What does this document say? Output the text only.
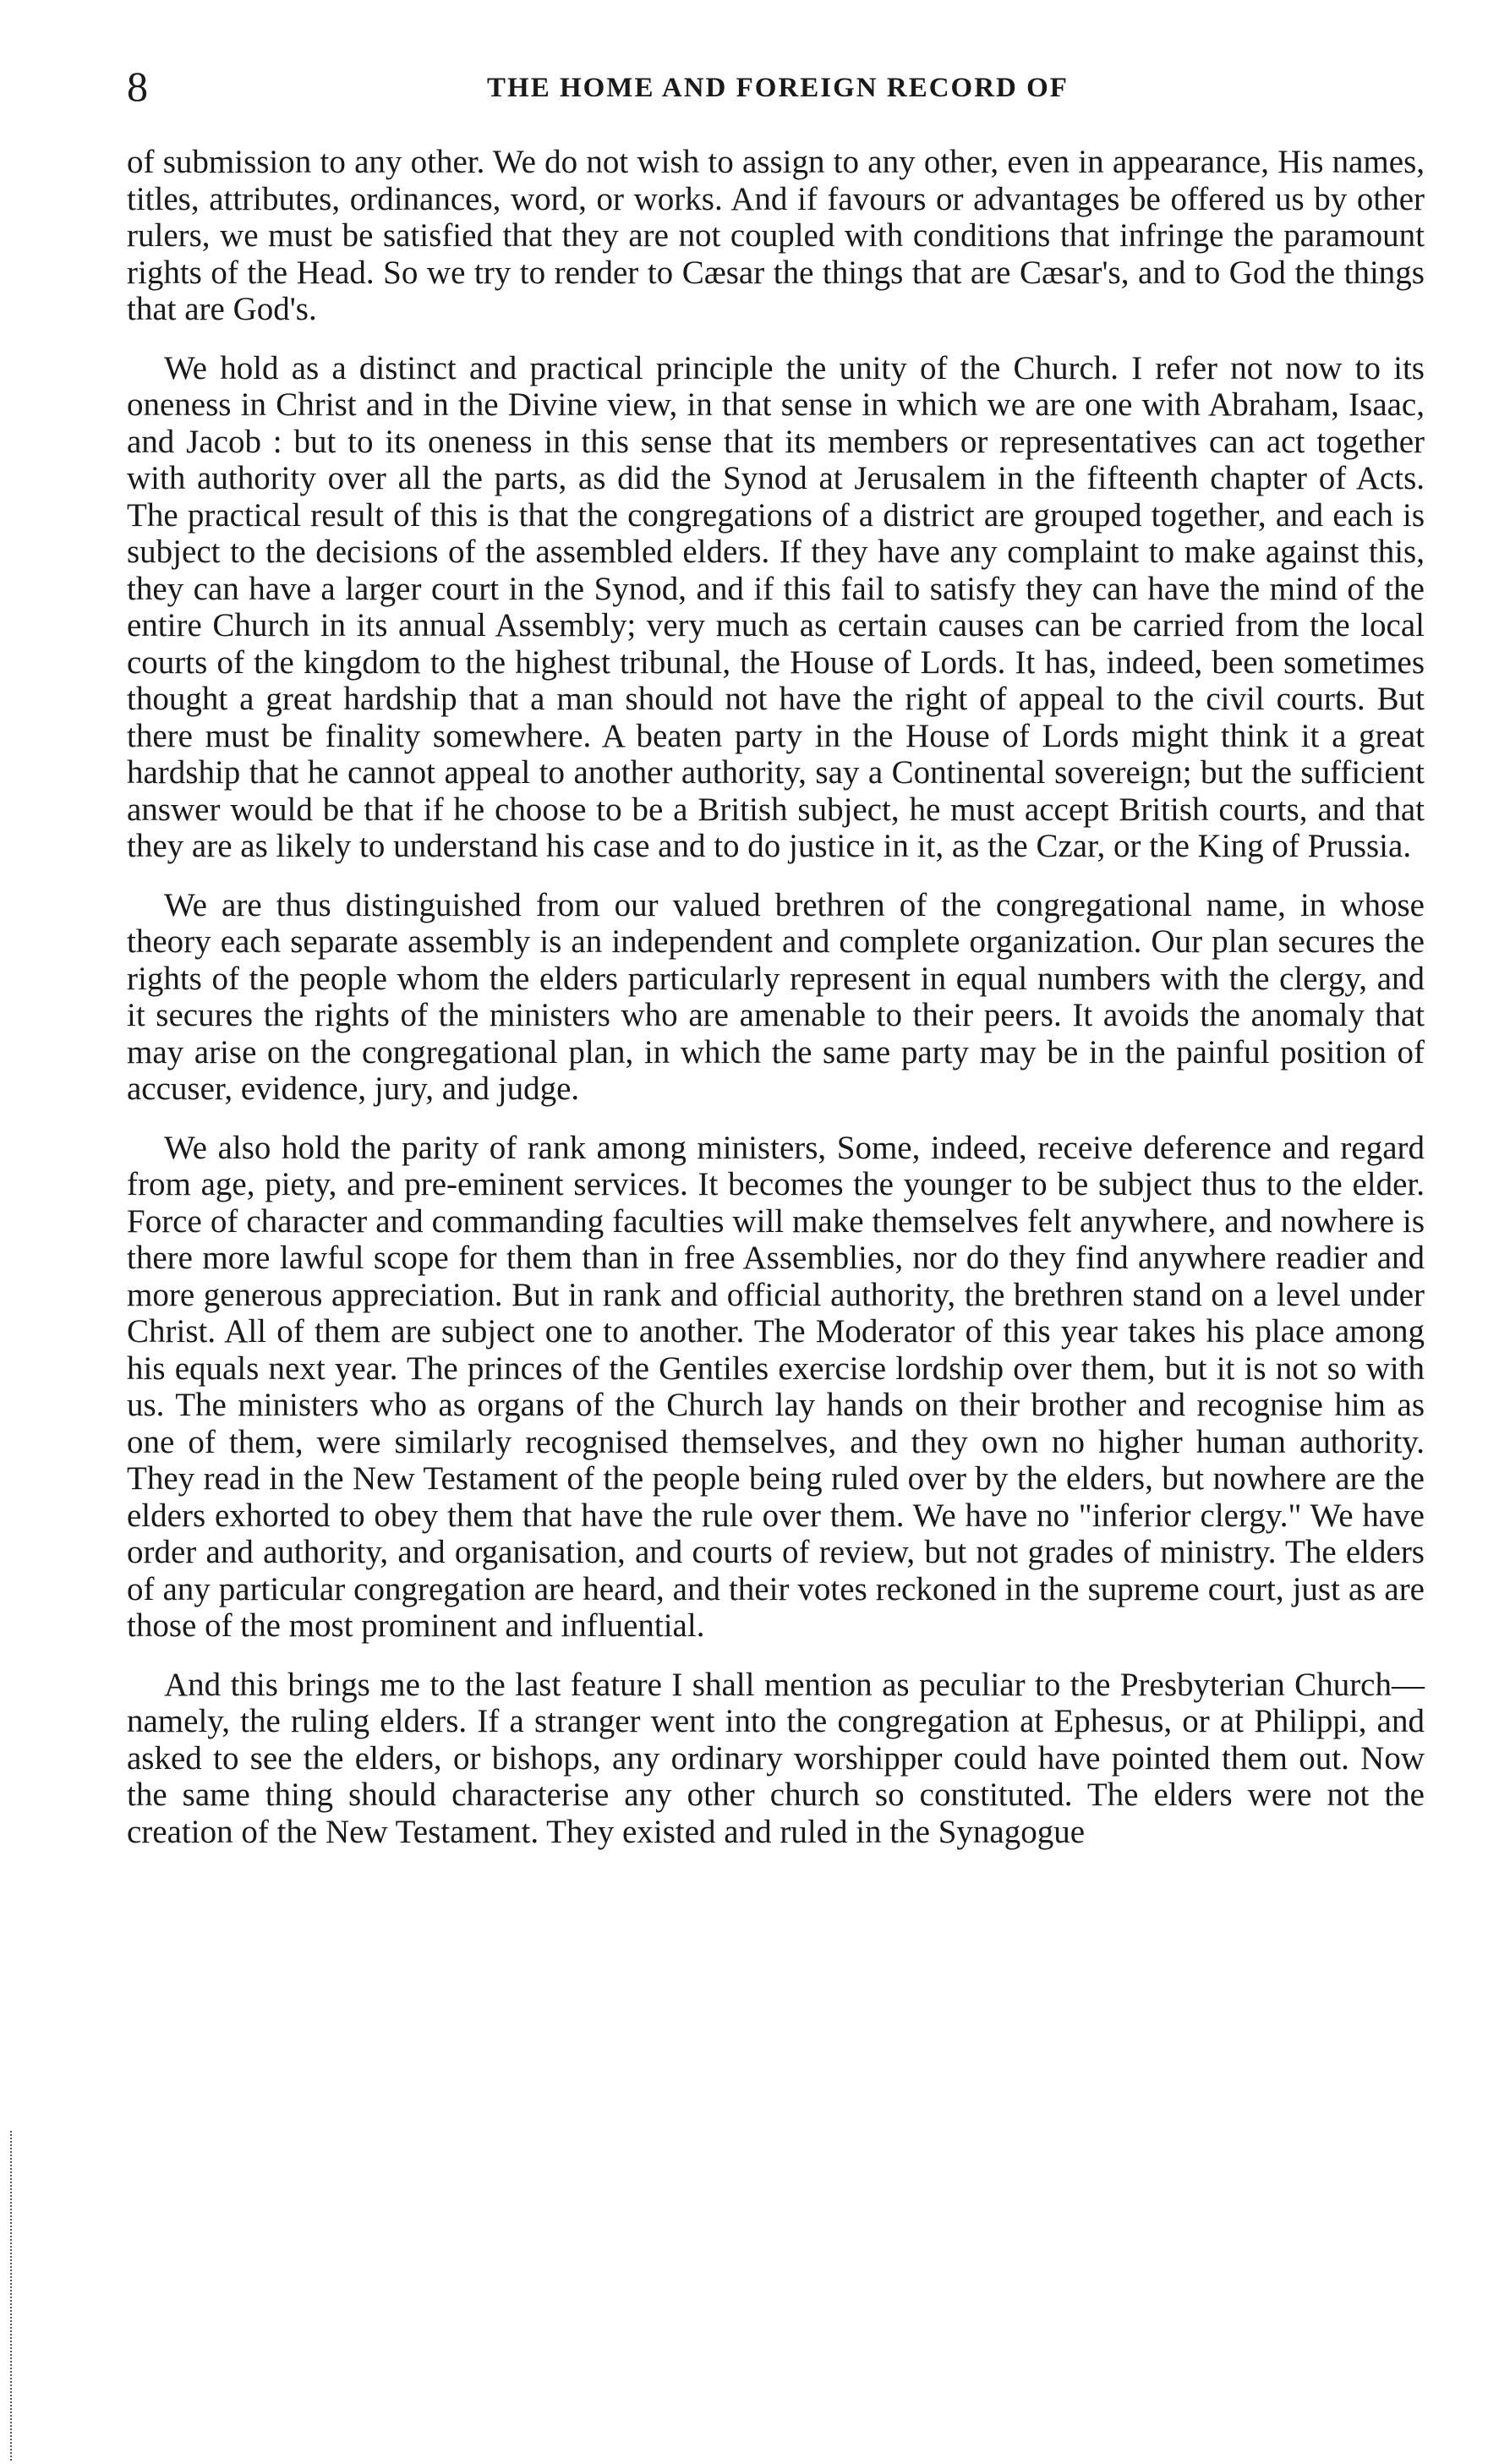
8	THE HOME AND FOREIGN RECORD OF

of submission to any other. We do not wish to assign to any other, even in appearance, His names, titles, attributes, ordinances, word, or works. And if favours or advantages be offered us by other rulers, we must be satisfied that they are not coupled with conditions that infringe the paramount rights of the Head. So we try to render to Cæsar the things that are Cæsar's, and to God the things that are God's.

We hold as a distinct and practical principle the unity of the Church. I refer not now to its oneness in Christ and in the Divine view, in that sense in which we are one with Abraham, Isaac, and Jacob : but to its oneness in this sense that its members or representatives can act together with authority over all the parts, as did the Synod at Jerusalem in the fifteenth chapter of Acts. The practical result of this is that the congregations of a district are grouped together, and each is subject to the decisions of the assembled elders. If they have any complaint to make against this, they can have a larger court in the Synod, and if this fail to satisfy they can have the mind of the entire Church in its annual Assembly; very much as certain causes can be carried from the local courts of the kingdom to the highest tribunal, the House of Lords. It has, indeed, been sometimes thought a great hardship that a man should not have the right of appeal to the civil courts. But there must be finality somewhere. A beaten party in the House of Lords might think it a great hardship that he cannot appeal to another authority, say a Continental sovereign; but the sufficient answer would be that if he choose to be a British subject, he must accept British courts, and that they are as likely to understand his case and to do justice in it, as the Czar, or the King of Prussia.

We are thus distinguished from our valued brethren of the congregational name, in whose theory each separate assembly is an independent and complete organization. Our plan secures the rights of the people whom the elders particularly represent in equal numbers with the clergy, and it secures the rights of the ministers who are amenable to their peers. It avoids the anomaly that may arise on the congregational plan, in which the same party may be in the painful position of accuser, evidence, jury, and judge.

We also hold the parity of rank among ministers, Some, indeed, receive deference and regard from age, piety, and pre-eminent services. It becomes the younger to be subject thus to the elder. Force of character and commanding faculties will make themselves felt anywhere, and nowhere is there more lawful scope for them than in free Assemblies, nor do they find anywhere readier and more generous appreciation. But in rank and official authority, the brethren stand on a level under Christ. All of them are subject one to another. The Moderator of this year takes his place among his equals next year. The princes of the Gentiles exercise lordship over them, but it is not so with us. The ministers who as organs of the Church lay hands on their brother and recognise him as one of them, were similarly recognised themselves, and they own no higher human authority. They read in the New Testament of the people being ruled over by the elders, but nowhere are the elders exhorted to obey them that have the rule over them. We have no "inferior clergy." We have order and authority, and organisation, and courts of review, but not grades of ministry. The elders of any particular congregation are heard, and their votes reckoned in the supreme court, just as are those of the most prominent and influential.

And this brings me to the last feature I shall mention as peculiar to the Presbyterian Church—namely, the ruling elders. If a stranger went into the congregation at Ephesus, or at Philippi, and asked to see the elders, or bishops, any ordinary worshipper could have pointed them out. Now the same thing should characterise any other church so constituted. The elders were not the creation of the New Testament. They existed and ruled in the Synagogue
